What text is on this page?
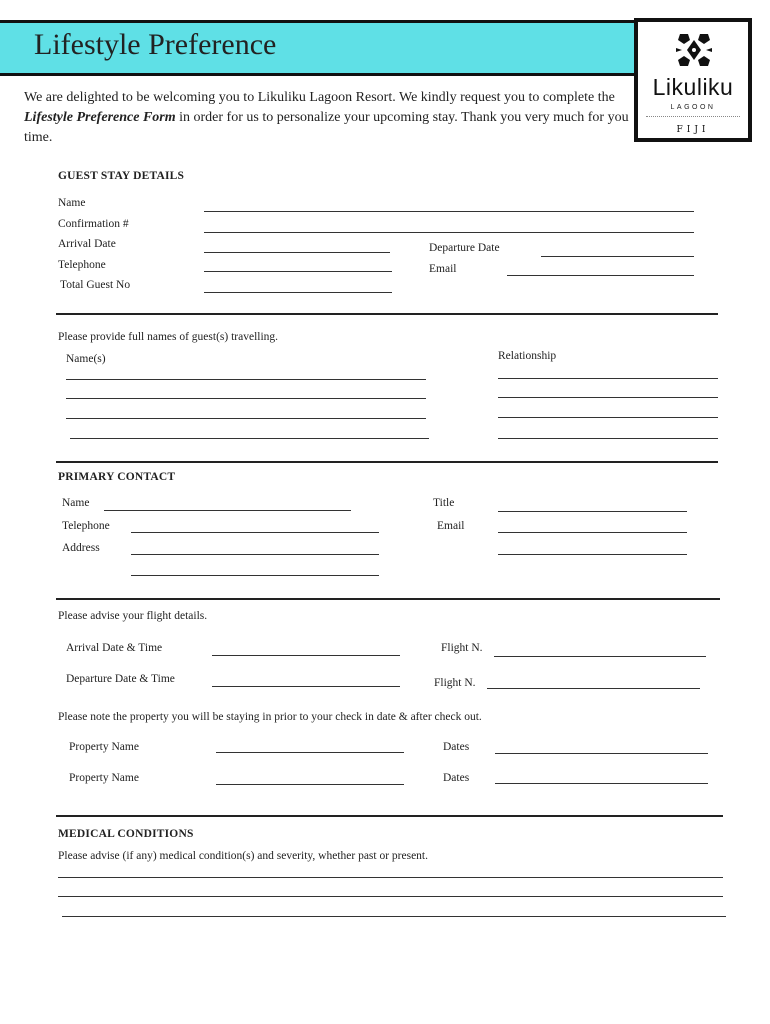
Lifestyle Preference
Likuliku
LAGOON
FIJI
We are delighted to be welcoming you to Likuliku Lagoon Resort. We kindly request you to complete the Lifestyle Preference Form in order for us to personalize your upcoming stay. Thank you very much for you time.
GUEST STAY DETAILS
Name
Confirmation #
Arrival Date	Departure Date
Telephone	Email
Total Guest No
Please provide full names of guest(s) travelling.
Name(s)	Relationship
PRIMARY CONTACT
Name	Title
Telephone	Email
Address
Please advise your flight details.
Arrival Date & Time	Flight N.
Departure Date & Time	Flight N.
Please note the property you will be staying in prior to your check in date & after check out.
Property Name	Dates
Property Name	Dates
MEDICAL CONDITIONS
Please advise (if any) medical condition(s) and severity, whether past or present.
